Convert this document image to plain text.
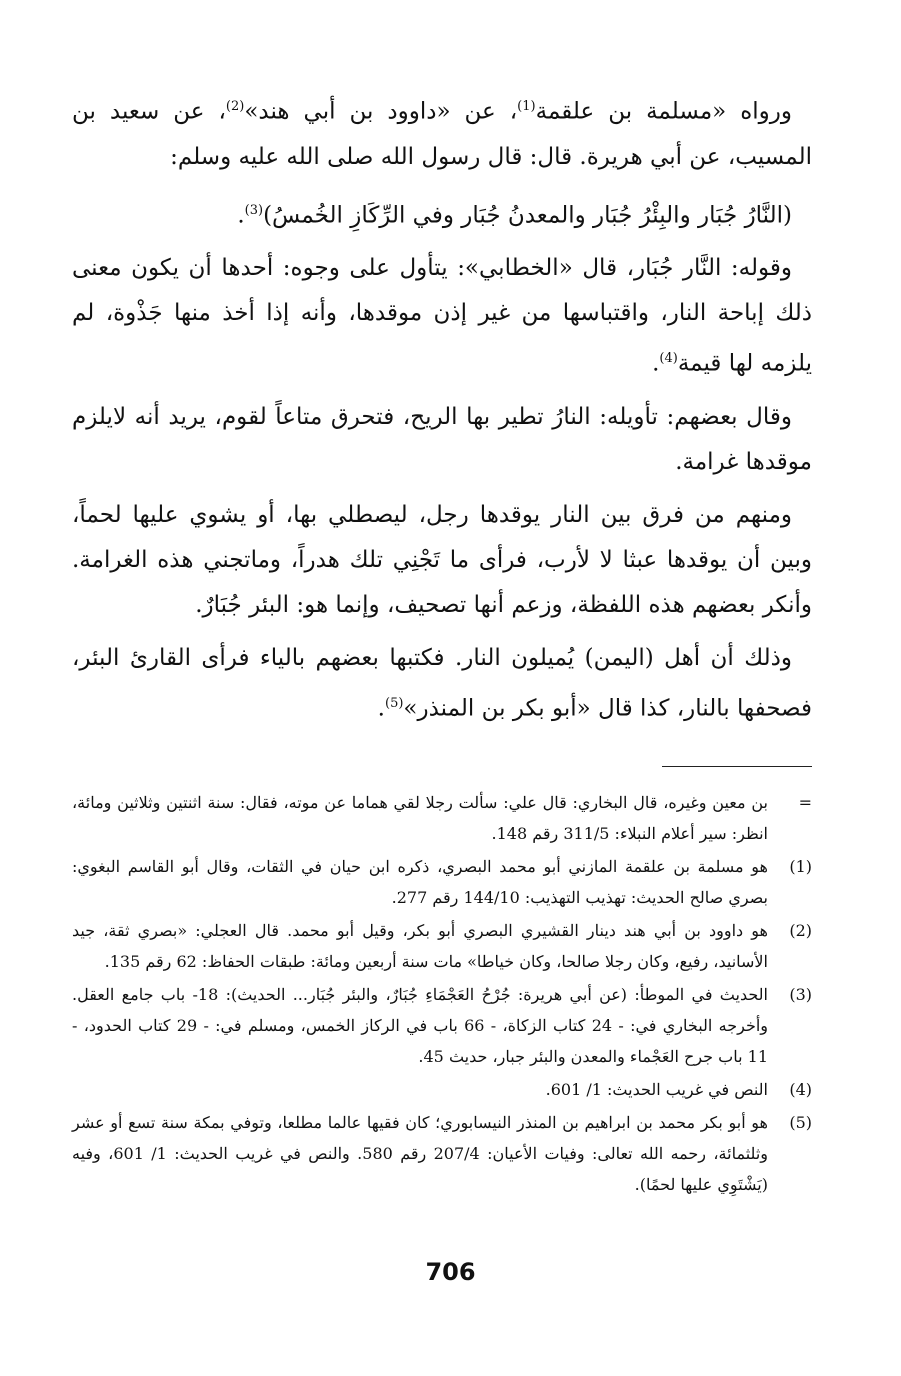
ورواه «مسلمة بن علقمة$^{(1)}$، عن «داوود بن أبي هند»$^{(2)}$، عن سعيد بن المسيب، عن أبي هريرة. قال: قال رسول الله صلى الله عليه وسلم:

(النَّارُ جُبَار والبِئْرُ جُبَار والمعدنُ جُبَار وفي الرِّكَازِ الخُمسُ)$^{(3)}$.

وقوله: النَّار جُبَار، قال «الخطابي»: يتأول على وجوه: أحدها أن يكون معنى ذلك إباحة النار، واقتباسها من غير إذن موقدها، وأنه إذا أخذ منها جَذْوة، لم يلزمه لها قيمة$^{(4)}$.

وقال بعضهم: تأويله: النارُ تطير بها الريح، فتحرق متاعاً لقوم، يريد أنه لايلزم موقدها غرامة.

ومنهم من فرق بين النار يوقدها رجل، ليصطلي بها، أو يشوي عليها لحماً، وبين أن يوقدها عبثا لا لأرب، فرأى ما تَجْنِي تلك هدراً، وماتجني هذه الغرامة. وأنكر بعضهم هذه اللفظة، وزعم أنها تصحيف، وإنما هو: البئر جُبَارٌ.

وذلك أن أهل (اليمن) يُميلون النار. فكتبها بعضهم بالياء فرأى القارئ البئر، فصحفها بالنار، كذا قال «أبو بكر بن المنذر»$^{(5)}$.

=
بن معين وغيره، قال البخاري: قال علي: سألت رجلا لقي هماما عن موته، فقال: سنة اثنتين وثلاثين ومائة، انظر: سير أعلام النبلاء: 311/5 رقم 148.
(1)
هو مسلمة بن علقمة المازني أبو محمد البصري، ذكره ابن حيان في الثقات، وقال أبو القاسم البغوي: بصري صالح الحديث: تهذيب التهذيب: 144/10 رقم 277.
(2)
هو داوود بن أبي هند دينار القشيري البصري أبو بكر، وقيل أبو محمد. قال العجلي: «بصري ثقة، جيد الأسانيد، رفيع، وكان رجلا صالحا، وكان خياطا» مات سنة أربعين ومائة: طبقات الحفاظ: 62 رقم 135.
(3)
الحديث في الموطأ: (عن أبي هريرة: جُرْحُ العَجْمَاءِ جُبَارٌ، والبئر جُبَار... الحديث): 18- باب جامع العقل. وأخرجه البخاري في: - 24 كتاب الزكاة، - 66 باب في الركاز الخمس، ومسلم في: - 29 كتاب الحدود، - 11 باب جرح العَجْماء والمعدن والبئر جبار، حديث 45.
(4)
النص في غريب الحديث: 1/ 601.
(5)
هو أبو بكر محمد بن ابراهيم بن المنذر النيسابوري؛ كان فقيها عالما مطلعا، وتوفي بمكة سنة تسع أو عشر وثلثمائة، رحمه الله تعالى: وفيات الأعيان: 207/4 رقم 580. والنص في غريب الحديث: 1/ 601، وفيه (يَشْتَوِي عليها لحمًا).
706
